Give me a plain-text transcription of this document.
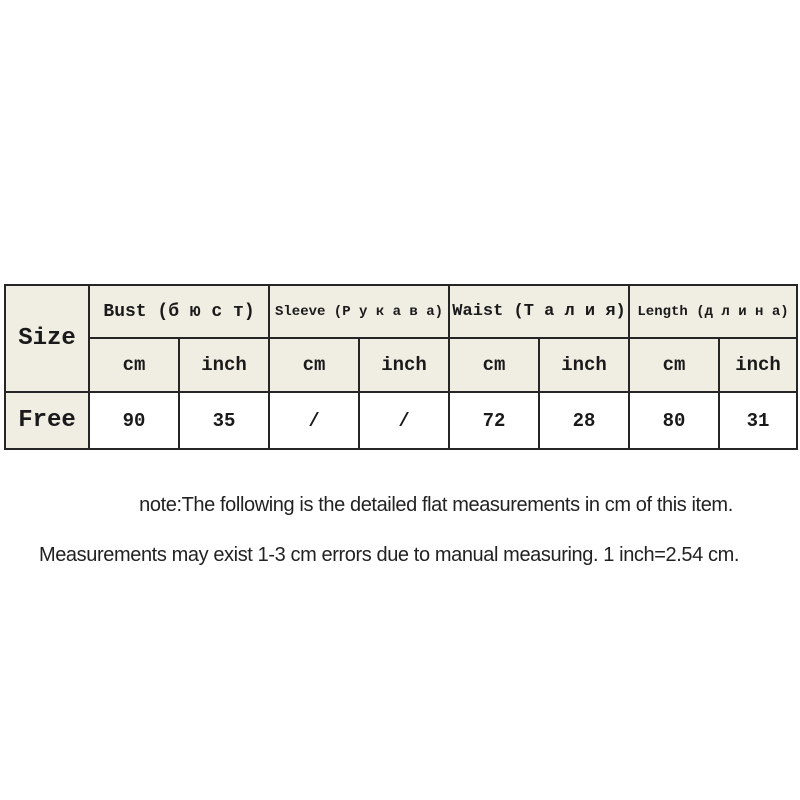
Size	Bust (б ю с т)		Sleeve (Р у к а в а)		Waist (Т а л и я)		Length (д л и н а)	
	cm	inch	cm	inch	cm	inch	cm	inch
Free	90	35	/	/	72	28	80	31
note:The following is the detailed flat measurements in cm of this item.
Measurements may exist 1-3 cm errors due to manual measuring. 1 inch=2.54 cm.
